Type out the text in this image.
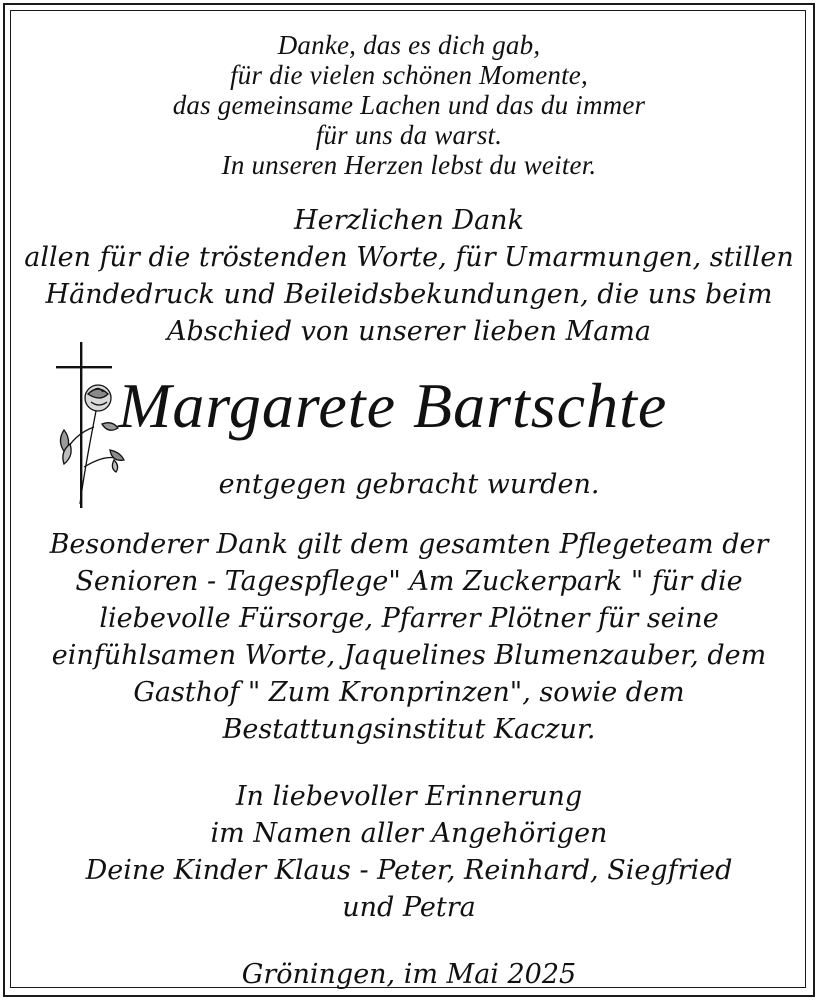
Danke, das es dich gab,
für die vielen schönen Momente,
das gemeinsame Lachen und das du immer
für uns da warst.
In unseren Herzen lebst du weiter.
Herzlichen Dank
allen für die tröstenden Worte, für Umarmungen, stillen
Händedruck und Beileidsbekundungen, die uns beim
Abschied von unserer lieben Mama
Margarete Bartschte
entgegen gebracht wurden.
Besonderer Dank gilt dem gesamten Pflegeteam der
Senioren - Tagespflege" Am Zuckerpark " für die
liebevolle Fürsorge, Pfarrer Plötner für seine
einfühlsamen Worte, Jaquelines Blumenzauber, dem
Gasthof " Zum Kronprinzen", sowie dem
Bestattungsinstitut Kaczur.
In liebevoller Erinnerung
im Namen aller Angehörigen
Deine Kinder Klaus - Peter, Reinhard, Siegfried
und Petra
Gröningen, im Mai 2025
